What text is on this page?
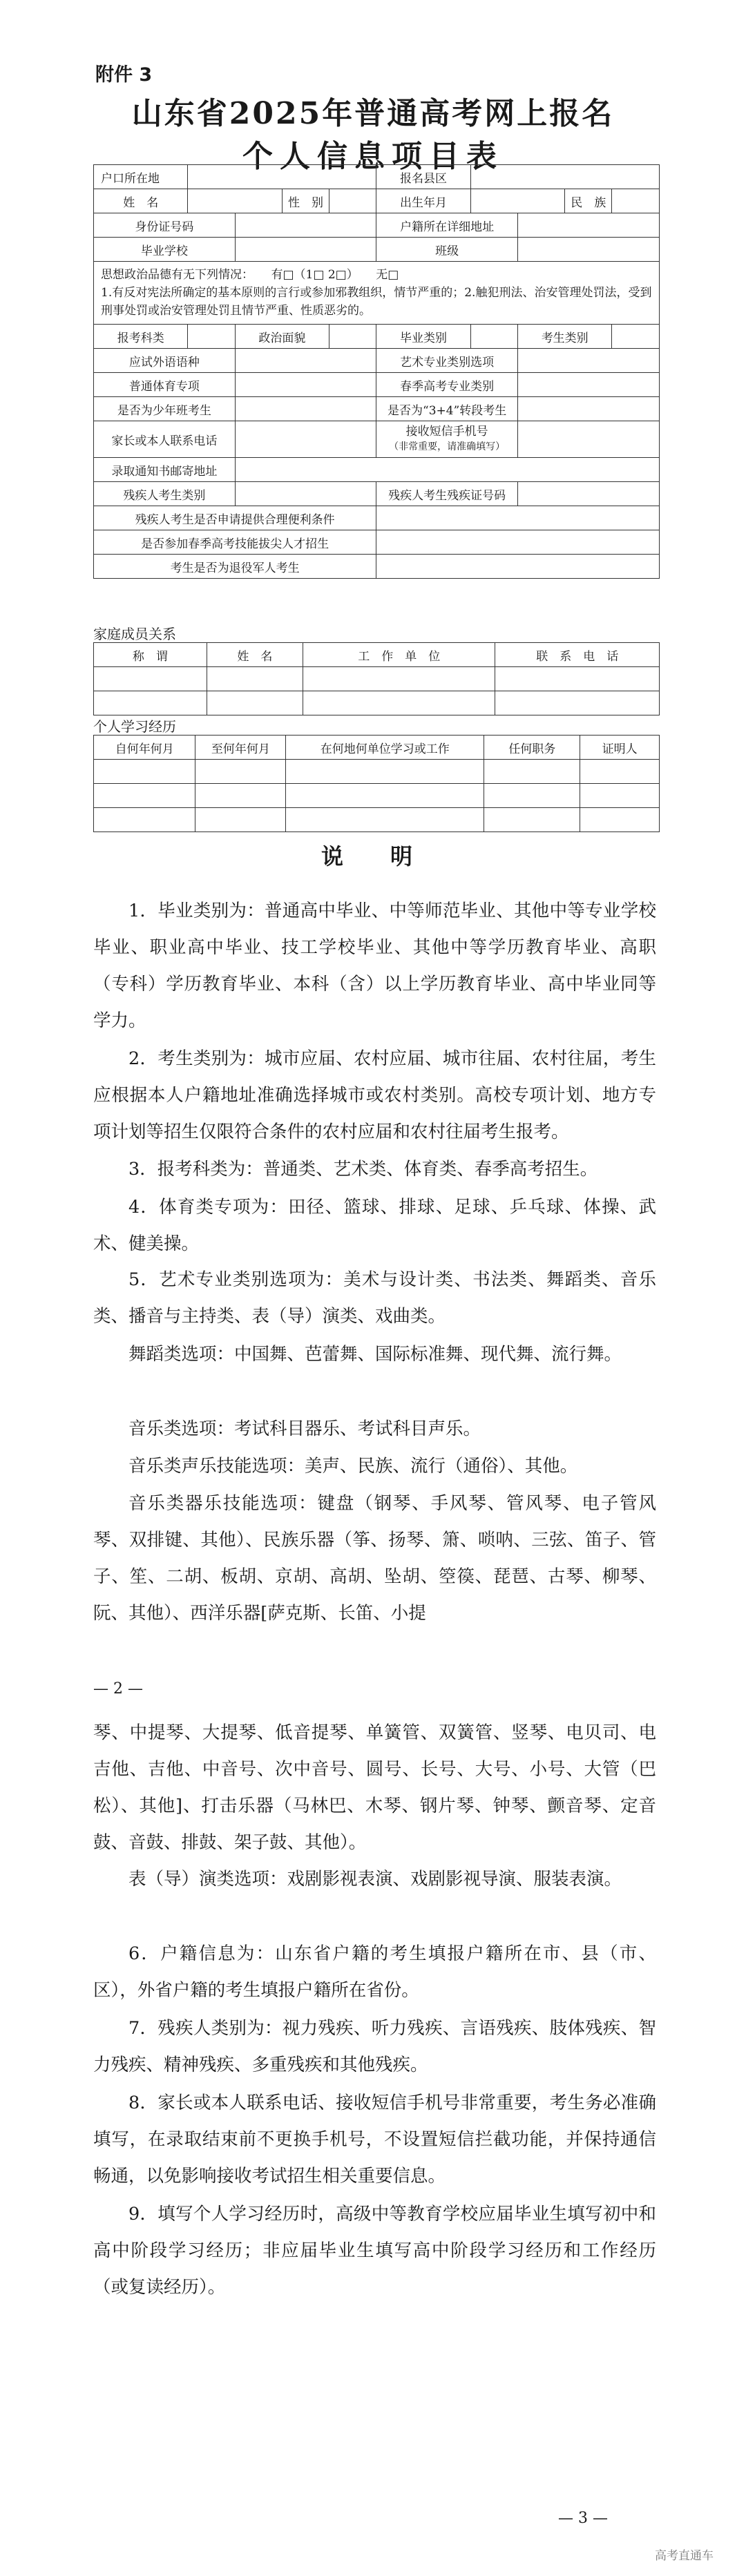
附件 3
山东省2025年普通高考网上报名
个人信息项目表
户口所在地					报名县区				
姓　名			性　别		出生年月			民　族	
身份证号码					户籍所在详细地址				
毕业学校					班级				

思想政治品德有无下列情况：　　有□（1□ 2□）　　无□
1.有反对宪法所确定的基本原则的言行或参加邪教组织，情节严重的；2.触犯刑法、治安管理处罚法，受到刑事处罚或治安管理处罚且情节严重、性质恶劣的。									

报考科类		政治面貌			毕业类别		考生类别		
应试外语语种					艺术专业类别选项				
普通体育专项					春季高考专业类别				
是否为少年班考生					是否为“3+4”转段考生				
家长或本人联系电话					接收短信手机号
（非常重要，请准确填写）				

录取通知书邮寄地址									
残疾人考生类别					残疾人考生残疾证号码				
残疾人考生是否申请提供合理便利条件									
是否参加春季高考技能拔尖人才招生									
考生是否为退役军人考生									
家庭成员关系
称　谓	姓　名	工　作　单　位	联　系　电　话

个人学习经历
自何年何月	至何年何月	在何地何单位学习或工作	任何职务	证明人

说　明
1．毕业类别为：普通高中毕业、中等师范毕业、其他中等专业学校毕业、职业高中毕业、技工学校毕业、其他中等学历教育毕业、高职（专科）学历教育毕业、本科（含）以上学历教育毕业、高中毕业同等学力。
2．考生类别为：城市应届、农村应届、城市往届、农村往届，考生应根据本人户籍地址准确选择城市或农村类别。高校专项计划、地方专项计划等招生仅限符合条件的农村应届和农村往届考生报考。
3．报考科类为：普通类、艺术类、体育类、春季高考招生。
4．体育类专项为：田径、篮球、排球、足球、乒乓球、体操、武术、健美操。
5．艺术专业类别选项为：美术与设计类、书法类、舞蹈类、音乐类、播音与主持类、表（导）演类、戏曲类。
舞蹈类选项：中国舞、芭蕾舞、国际标准舞、现代舞、流行舞。
音乐类选项：考试科目器乐、考试科目声乐。
音乐类声乐技能选项：美声、民族、流行（通俗）、其他。
音乐类器乐技能选项：键盘（钢琴、手风琴、管风琴、电子管风琴、双排键、其他）、民族乐器（筝、扬琴、箫、唢呐、三弦、笛子、管子、笙、二胡、板胡、京胡、高胡、坠胡、箜篌、琵琶、古琴、柳琴、阮、其他）、西洋乐器[萨克斯、长笛、小提
— 2 —
琴、中提琴、大提琴、低音提琴、单簧管、双簧管、竖琴、电贝司、电吉他、吉他、中音号、次中音号、圆号、长号、大号、小号、大管（巴松）、其他]、打击乐器（马林巴、木琴、钢片琴、钟琴、颤音琴、定音鼓、音鼓、排鼓、架子鼓、其他）。
表（导）演类选项：戏剧影视表演、戏剧影视导演、服装表演。
6．户籍信息为：山东省户籍的考生填报户籍所在市、县（市、区），外省户籍的考生填报户籍所在省份。
7．残疾人类别为：视力残疾、听力残疾、言语残疾、肢体残疾、智力残疾、精神残疾、多重残疾和其他残疾。
8．家长或本人联系电话、接收短信手机号非常重要，考生务必准确填写，在录取结束前不更换手机号，不设置短信拦截功能，并保持通信畅通，以免影响接收考试招生相关重要信息。
9．填写个人学习经历时，高级中等教育学校应届毕业生填写初中和高中阶段学习经历；非应届毕业生填写高中阶段学习经历和工作经历（或复读经历）。
— 3 —
高考直通车
